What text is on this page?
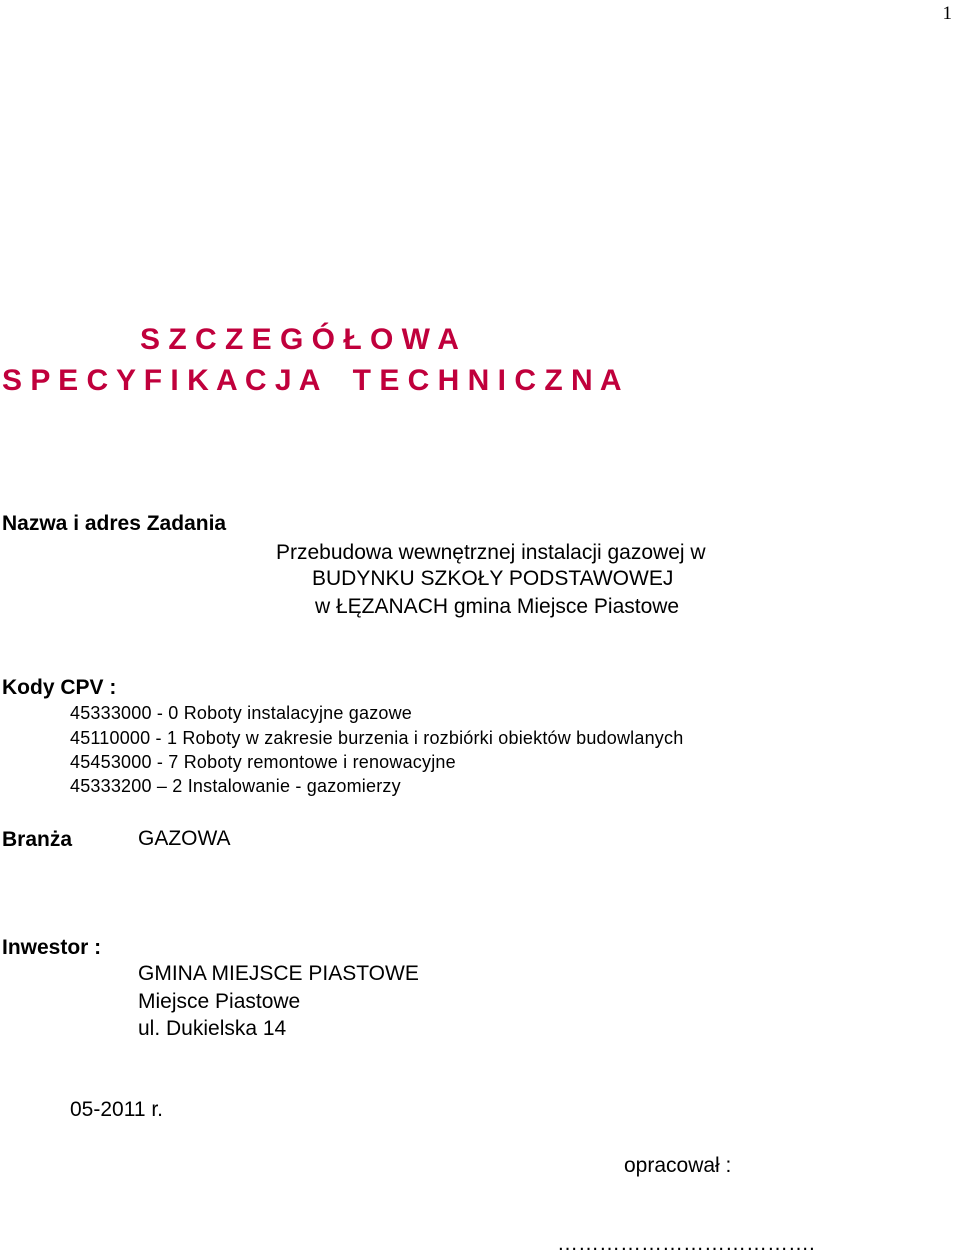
1
S Z C Z E G Ó Ł O W A
S P E C Y F I K A C J A    T E C H N I C Z N A
Nazwa i adres Zadania
Przebudowa wewnętrznej instalacji gazowej w
BUDYNKU SZKOŁY PODSTAWOWEJ
w ŁĘZANACH gmina Miejsce Piastowe
Kody CPV :
45333000 - 0 Roboty instalacyjne gazowe
45110000 - 1 Roboty w zakresie burzenia i rozbiórki obiektów budowlanych
45453000 - 7 Roboty remontowe i renowacyjne
45333200 – 2 Instalowanie - gazomierzy
Branża	GAZOWA
Inwestor :
GMINA MIEJSCE PIASTOWE
Miejsce Piastowe
ul. Dukielska 14
05-2011 r.
opracował :
……………………………….
